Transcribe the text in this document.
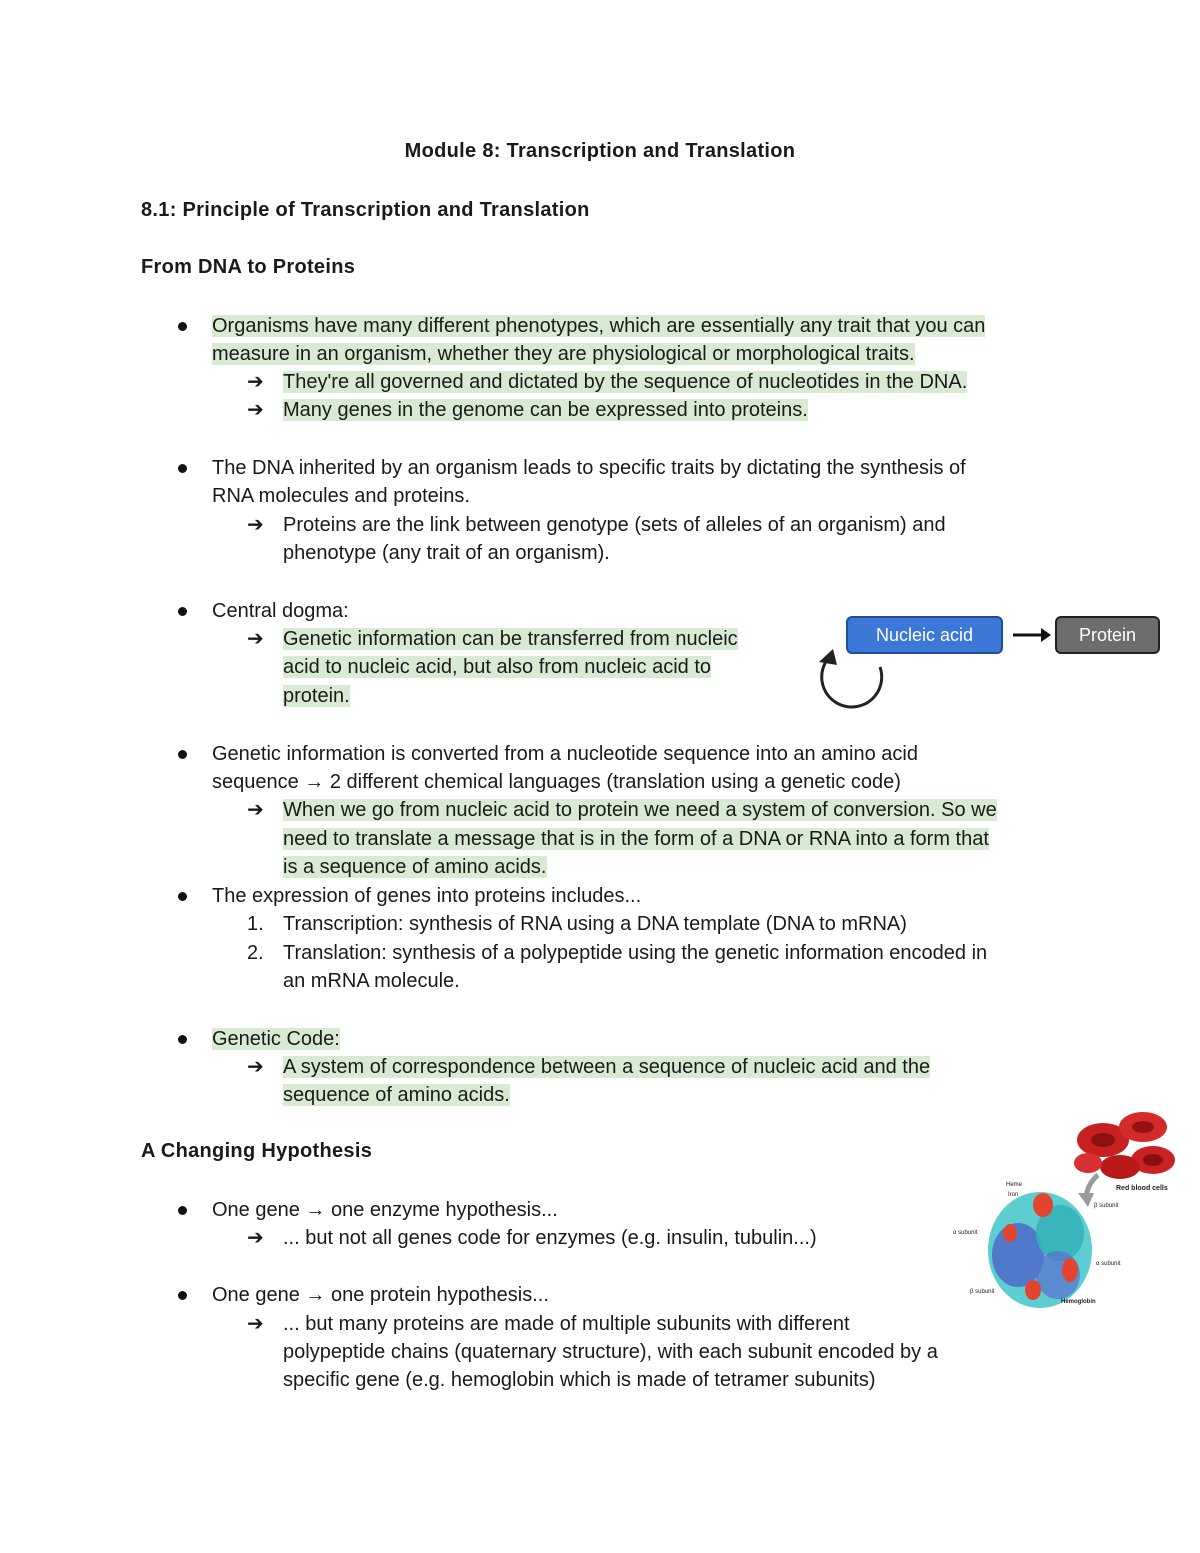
Module 8: Transcription and Translation
8.1: Principle of Transcription and Translation
From DNA to Proteins
Organisms have many different phenotypes, which are essentially any trait that you can
measure in an organism, whether they are physiological or morphological traits.
➔ They're all governed and dictated by the sequence of nucleotides in the DNA.
➔ Many genes in the genome can be expressed into proteins.
The DNA inherited by an organism leads to specific traits by dictating the synthesis of
RNA molecules and proteins.
➔ Proteins are the link between genotype (sets of alleles of an organism) and
phenotype (any trait of an organism).
Central dogma:
➔ Genetic information can be transferred from nucleic
acid to nucleic acid, but also from nucleic acid to
protein.
Nucleic acid	Protein
Genetic information is converted from a nucleotide sequence into an amino acid
sequence → 2 different chemical languages (translation using a genetic code)
➔ When we go from nucleic acid to protein we need a system of conversion. So we
need to translate a message that is in the form of a DNA or RNA into a form that
is a sequence of amino acids.
The expression of genes into proteins includes...
1. Transcription: synthesis of RNA using a DNA template (DNA to mRNA)
2. Translation: synthesis of a polypeptide using the genetic information encoded in
an mRNA molecule.
Genetic Code:
➔ A system of correspondence between a sequence of nucleic acid and the
sequence of amino acids.
A Changing Hypothesis
One gene → one enzyme hypothesis...
➔ ... but not all genes code for enzymes (e.g. insulin, tubulin...)
One gene → one protein hypothesis...
➔ ... but many proteins are made of multiple subunits with different
polypeptide chains (quaternary structure), with each subunit encoded by a
specific gene (e.g. hemoglobin which is made of tetramer subunits)
Red blood cells
Heme
Iron
β subunit
α subunit
α subunit
β subunit
Hemoglobin
